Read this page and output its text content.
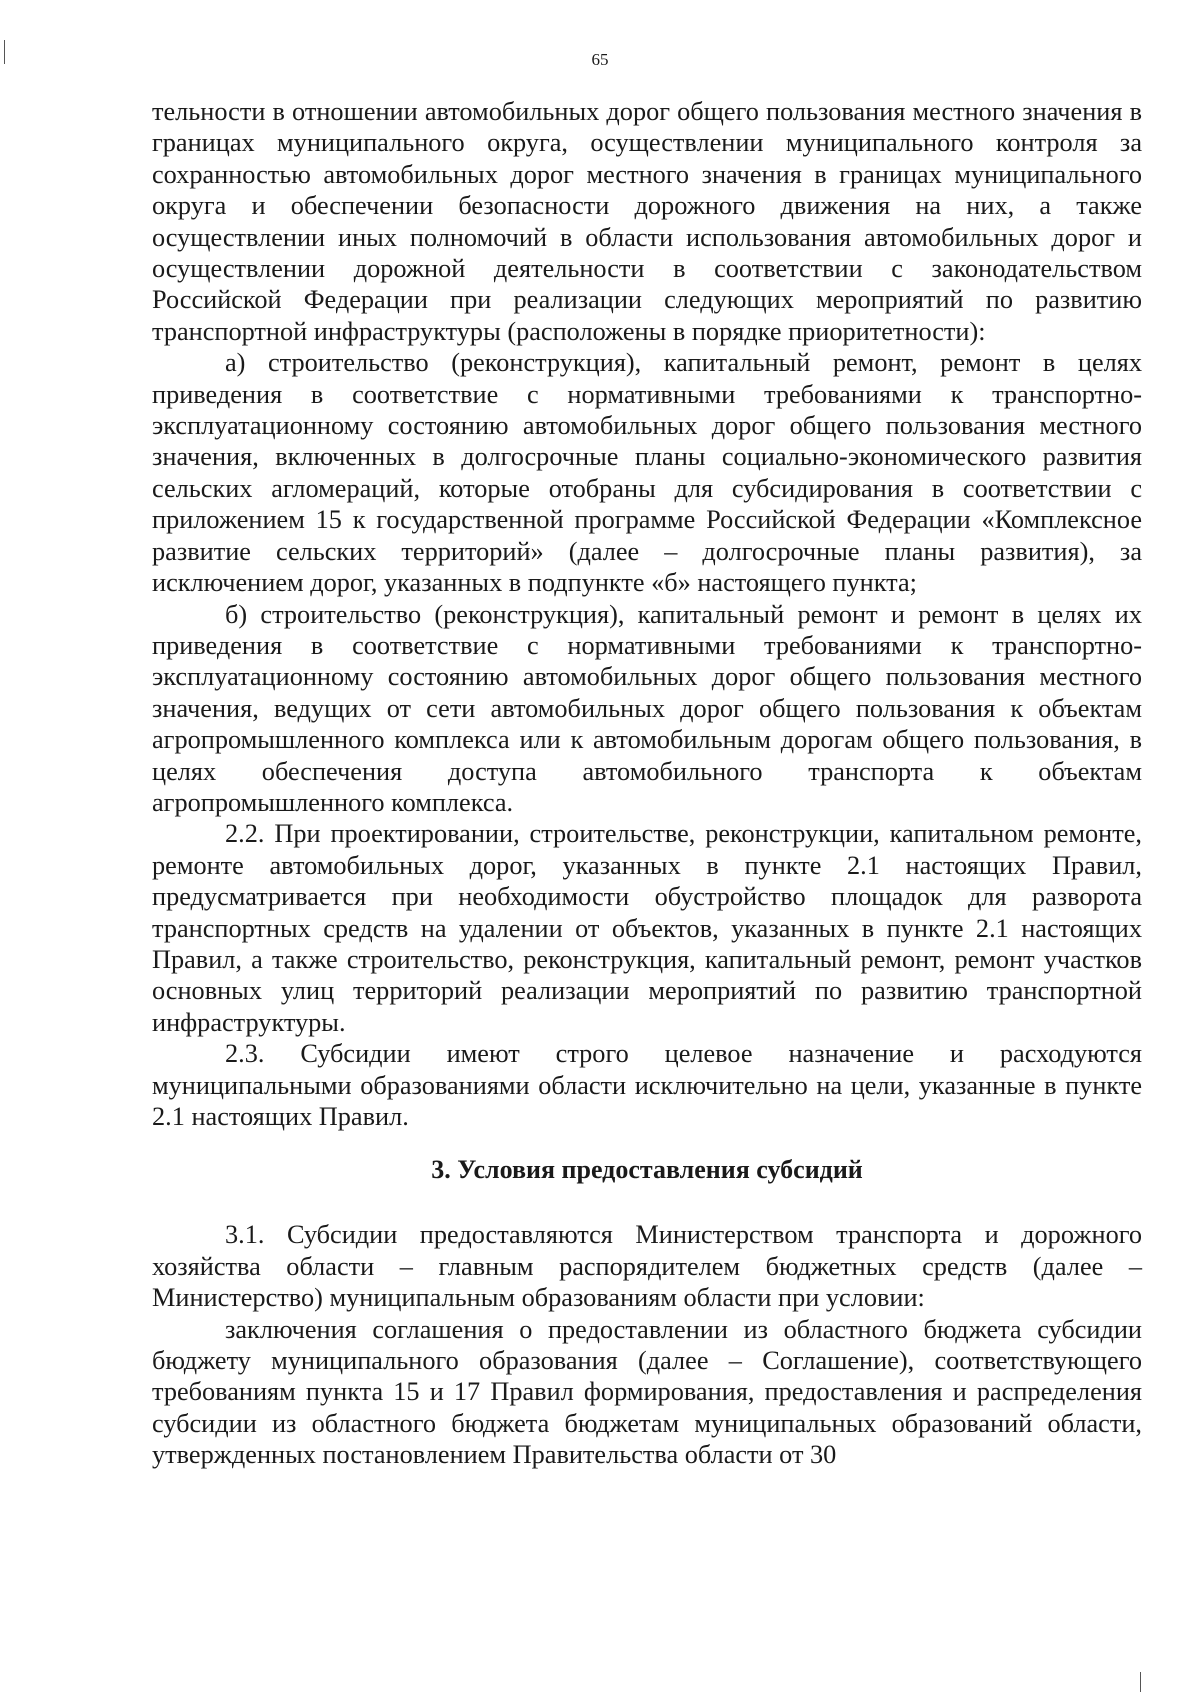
65

тельности в отношении автомобильных дорог общего пользования местного значения в границах муниципального округа, осуществлении муниципального контроля за сохранностью автомобильных дорог местного значения в границах муниципального округа и обеспечении безопасности дорожного движения на них, а также осуществлении иных полномочий в области использования автомобильных дорог и осуществлении дорожной деятельности в соответствии с законодательством Российской Федерации при реализации следующих мероприятий по развитию транспортной инфраструктуры (расположены в порядке приоритетности):

а) строительство (реконструкция), капитальный ремонт, ремонт в целях приведения в соответствие с нормативными требованиями к транспортно-эксплуатационному состоянию автомобильных дорог общего пользования местного значения, включенных в долгосрочные планы социально-экономического развития сельских агломераций, которые отобраны для субсидирования в соответствии с приложением 15 к государственной программе Российской Федерации «Комплексное развитие сельских территорий» (далее – долгосрочные планы развития), за исключением дорог, указанных в подпункте «б» настоящего пункта;

б) строительство (реконструкция), капитальный ремонт и ремонт в целях их приведения в соответствие с нормативными требованиями к транспортно-эксплуатационному состоянию автомобильных дорог общего пользования местного значения, ведущих от сети автомобильных дорог общего пользования к объектам агропромышленного комплекса или к автомобильным дорогам общего пользования, в целях обеспечения доступа автомобильного транспорта к объектам агропромышленного комплекса.

2.2. При проектировании, строительстве, реконструкции, капитальном ремонте, ремонте автомобильных дорог, указанных в пункте 2.1 настоящих Правил, предусматривается при необходимости обустройство площадок для разворота транспортных средств на удалении от объектов, указанных в пункте 2.1 настоящих Правил, а также строительство, реконструкция, капитальный ремонт, ремонт участков основных улиц территорий реализации мероприятий по развитию транспортной инфраструктуры.

2.3. Субсидии имеют строго целевое назначение и расходуются муниципальными образованиями области исключительно на цели, указанные в пункте 2.1 настоящих Правил.

3. Условия предоставления субсидий

3.1. Субсидии предоставляются Министерством транспорта и дорожного хозяйства области – главным распорядителем бюджетных средств (далее – Министерство) муниципальным образованиям области при условии:

заключения соглашения о предоставлении из областного бюджета субсидии бюджету муниципального образования (далее – Соглашение), соответствующего требованиям пункта 15 и 17 Правил формирования, предоставления и распределения субсидии из областного бюджета бюджетам муниципальных образований области, утвержденных постановлением Правительства области от 30
